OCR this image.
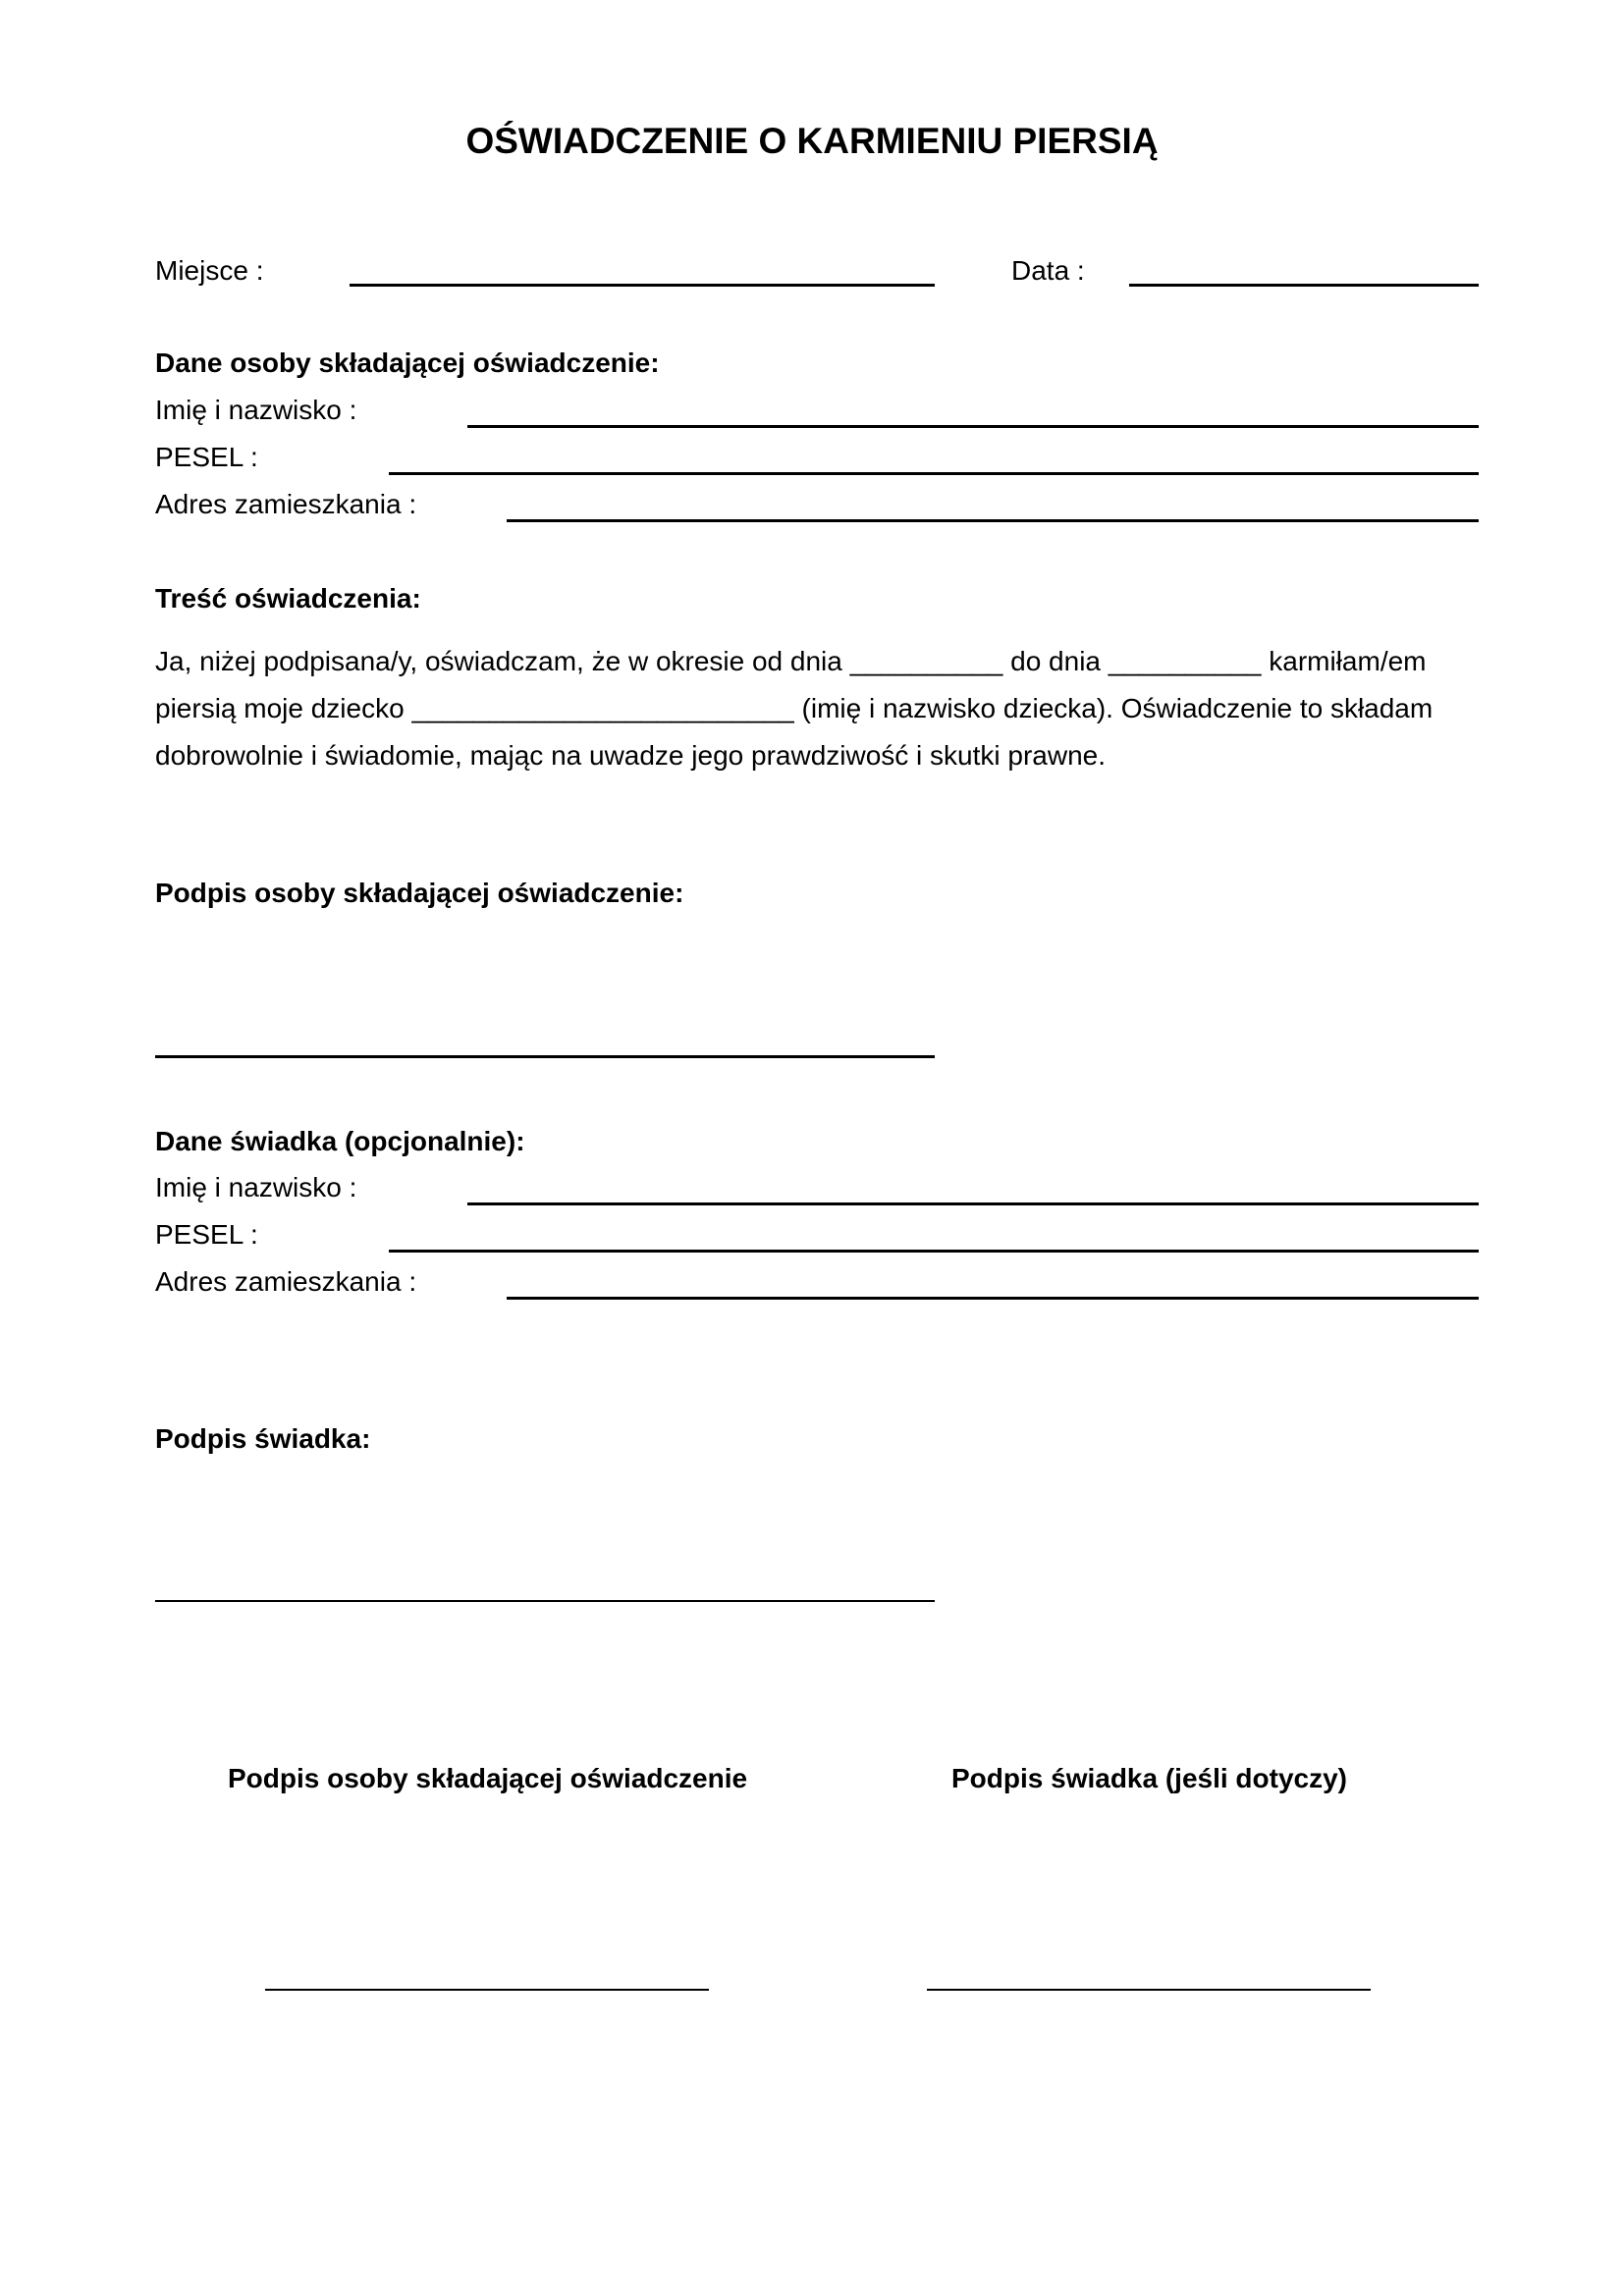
OŚWIADCZENIE O KARMIENIU PIERSIĄ
Miejsce :	Data :
Dane osoby składającej oświadczenie:
Imię i nazwisko :
PESEL :
Adres zamieszkania :
Treść oświadczenia:
Ja, niżej podpisana/y, oświadczam, że w okresie od dnia __________ do dnia __________ karmiłam/em
piersią moje dziecko _________________________ (imię i nazwisko dziecka). Oświadczenie to składam
dobrowolnie i świadomie, mając na uwadze jego prawdziwość i skutki prawne.
Podpis osoby składającej oświadczenie:
Dane świadka (opcjonalnie):
Imię i nazwisko :
PESEL :
Adres zamieszkania :
Podpis świadka:
Podpis osoby składającej oświadczenie	Podpis świadka (jeśli dotyczy)
